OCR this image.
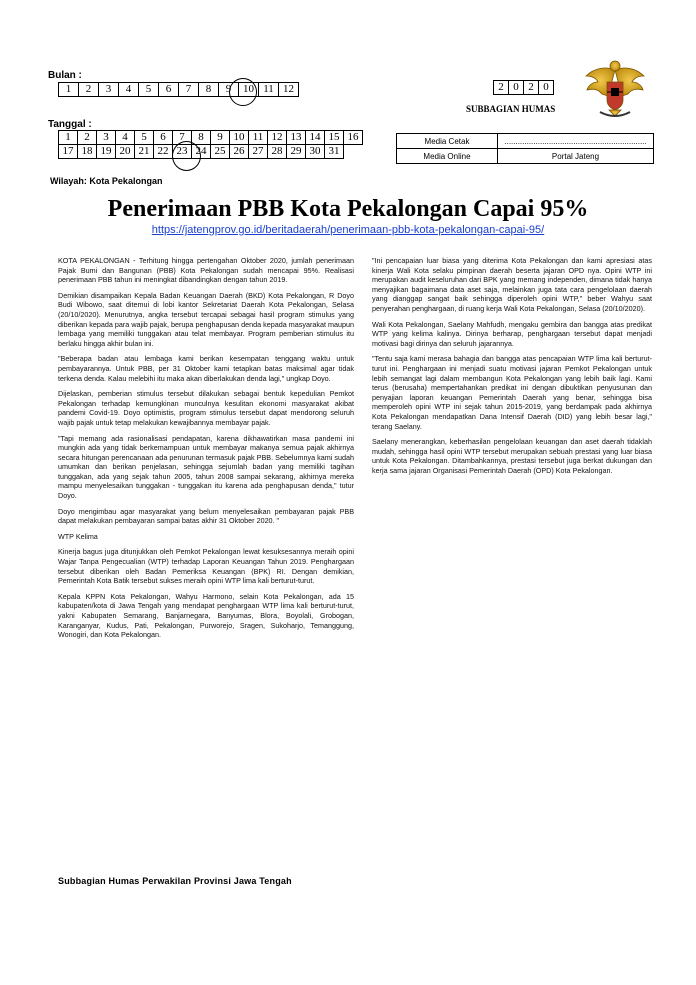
Bulan :
1	2	3	4	5	6	7	8	9	10	11	12
Tanggal :
1	2	3	4	5	6	7	8	9	10	11	12	13	14	15	16
17	18	19	20	21	22	23	24	25	26	27	28	29	30	31	
2	0	2	0
SUBBAGIAN HUMAS
Media Cetak	................................................................
Media Online	Portal Jateng
Wilayah: Kota Pekalongan
Penerimaan PBB Kota Pekalongan Capai 95%
https://jatengprov.go.id/beritadaerah/penerimaan-pbb-kota-pekalongan-capai-95/

KOTA PEKALONGAN - Terhitung hingga pertengahan Oktober 2020, jumlah penerimaan Pajak Bumi dan Bangunan (PBB) Kota Pekalongan sudah mencapai 95%. Realisasi penerimaan PBB tahun ini meningkat dibandingkan dengan tahun 2019.

Demikian disampaikan Kepala Badan Keuangan Daerah (BKD) Kota Pekalongan, R Doyo Budi Wibowo, saat ditemui di lobi kantor Sekretariat Daerah Kota Pekalongan, Selasa (20/10/2020). Menurutnya, angka tersebut tercapai sebagai hasil program stimulus yang diberikan kepada para wajib pajak, berupa penghapusan denda kepada masyarakat maupun lembaga yang memiliki tunggakan atau telat membayar. Program pemberian stimulus itu berlaku hingga akhir bulan ini.

"Beberapa badan atau lembaga kami berikan kesempatan tenggang waktu untuk pembayarannya. Untuk PBB, per 31 Oktober kami tetapkan batas maksimal agar tidak terkena denda. Kalau melebihi itu maka akan diberlakukan denda lagi," ungkap Doyo.

Dijelaskan, pemberian stimulus tersebut dilakukan sebagai bentuk kepedulian Pemkot Pekalongan terhadap kemungkinan munculnya kesulitan ekonomi masyarakat akibat pandemi Covid-19. Doyo optimistis, program stimulus tersebut dapat mendorong seluruh wajib pajak untuk tetap melakukan kewajibannya membayar pajak.

"Tapi memang ada rasionalisasi pendapatan, karena dikhawatirkan masa pandemi ini mungkin ada yang tidak berkemampuan untuk membayar makanya semua pajak akhirnya secara hitungan perencanaan ada penurunan termasuk pajak PBB. Sebelumnya kami sudah umumkan dan berikan penjelasan, sehingga sejumlah badan yang memiliki tagihan tunggakan, ada yang sejak tahun 2005, tahun 2008 sampai sekarang, akhirnya mereka mampu menyelesaikan tunggakan - tunggakan itu karena ada penghapusan denda," tutur Doyo.

Doyo mengimbau agar masyarakat yang belum menyelesaikan pembayaran pajak PBB dapat melakukan pembayaran sampai batas akhir 31 Oktober 2020. "

WTP Kelima

Kinerja bagus juga ditunjukkan oleh Pemkot Pekalongan lewat kesuksesannya meraih opini Wajar Tanpa Pengecualian (WTP) terhadap Laporan Keuangan Tahun 2019. Penghargaan tersebut diberikan oleh Badan Pemeriksa Keuangan (BPK) RI. Dengan demikian, Pemerintah Kota Batik tersebut sukses meraih opini WTP lima kali berturut-turut.

Kepala KPPN Kota Pekalongan, Wahyu Harmono, selain Kota Pekalongan, ada 15 kabupaten/kota di Jawa Tengah yang mendapat penghargaan WTP lima kali berturut-turut, yakni Kabupaten Semarang, Banjarnegara, Banyumas, Blora, Boyolali, Grobogan, Karanganyar, Kudus, Pati, Pekalongan, Purworejo, Sragen, Sukoharjo, Temanggung, Wonogiri, dan Kota Pekalongan.

"Ini pencapaian luar biasa yang diterima Kota Pekalongan dan kami apresiasi atas kinerja Wali Kota selaku pimpinan daerah beserta jajaran OPD nya. Opini WTP ini merupakan audit keseluruhan dari BPK yang memang independen, dimana tidak hanya menyajikan bagaimana data aset saja, melainkan juga tata cara pengelolaan daerah yang dianggap sangat baik sehingga diperoleh opini WTP," beber Wahyu saat penyerahan penghargaan, di ruang kerja Wali Kota Pekalongan, Selasa (20/10/2020).

Wali Kota Pekalongan, Saelany Mahfudh, mengaku gembira dan bangga atas predikat WTP yang kelima kalinya. Dirinya berharap, penghargaan tersebut dapat menjadi motivasi bagi dirinya dan seluruh jajarannya.

"Tentu saja kami merasa bahagia dan bangga atas pencapaian WTP lima kali berturut-turut ini. Penghargaan ini menjadi suatu motivasi jajaran Pemkot Pekalongan untuk lebih semangat lagi dalam membangun Kota Pekalongan yang lebih baik lagi. Kami terus (berusaha) mempertahankan predikat ini dengan dibuktikan penyusunan dan penyajian laporan keuangan Pemerintah Daerah yang benar, sehingga bisa memperoleh opini WTP ini sejak tahun 2015-2019, yang berdampak pada akhirnya Kota Pekalongan mendapatkan Dana Intensif Daerah (DID) yang lebih besar lagi," terang Saelany.

Saelany menerangkan, keberhasilan pengelolaan keuangan dan aset daerah tidaklah mudah, sehingga hasil opini WTP tersebut merupakan sebuah prestasi yang luar biasa untuk Kota Pekalongan. Ditambahkannya, prestasi tersebut juga berkat dukungan dan kerja sama jajaran Organisasi Pemerintah Daerah (OPD) Kota Pekalongan.

Subbagian Humas Perwakilan Provinsi Jawa Tengah
